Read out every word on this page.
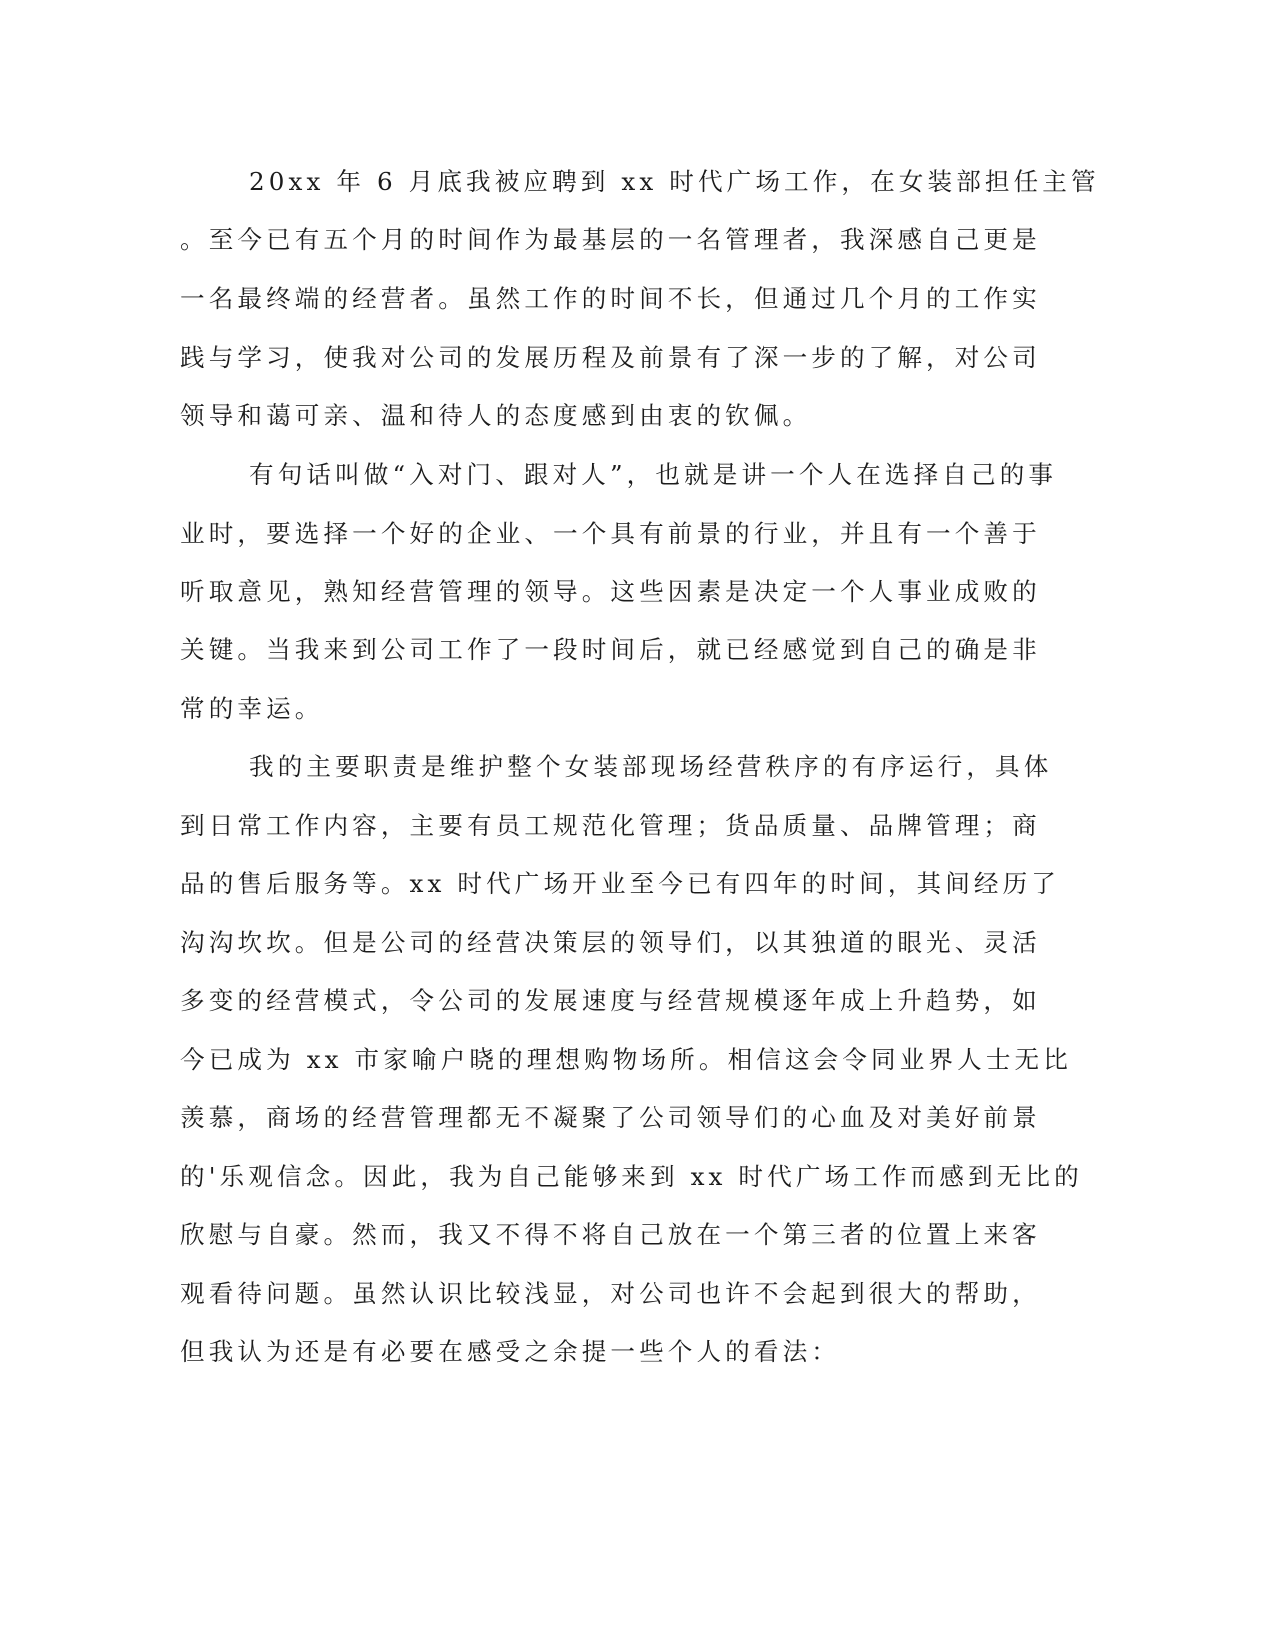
20xx 年 6 月底我被应聘到 xx 时代广场工作，在女装部担任主管

。至今已有五个月的时间作为最基层的一名管理者，我深感自己更是

一名最终端的经营者。虽然工作的时间不长，但通过几个月的工作实

践与学习，使我对公司的发展历程及前景有了深一步的了解，对公司

领导和蔼可亲、温和待人的态度感到由衷的钦佩。

有句话叫做“入对门、跟对人”，也就是讲一个人在选择自己的事

业时，要选择一个好的企业、一个具有前景的行业，并且有一个善于

听取意见，熟知经营管理的领导。这些因素是决定一个人事业成败的

关键。当我来到公司工作了一段时间后，就已经感觉到自己的确是非

常的幸运。

我的主要职责是维护整个女装部现场经营秩序的有序运行，具体

到日常工作内容，主要有员工规范化管理；货品质量、品牌管理；商

品的售后服务等。xx 时代广场开业至今已有四年的时间，其间经历了

沟沟坎坎。但是公司的经营决策层的领导们，以其独道的眼光、灵活

多变的经营模式，令公司的发展速度与经营规模逐年成上升趋势，如

今已成为 xx 市家喻户晓的理想购物场所。相信这会令同业界人士无比

羡慕，商场的经营管理都无不凝聚了公司领导们的心血及对美好前景

的'乐观信念。因此，我为自己能够来到 xx 时代广场工作而感到无比的

欣慰与自豪。然而，我又不得不将自己放在一个第三者的位置上来客

观看待问题。虽然认识比较浅显，对公司也许不会起到很大的帮助，

但我认为还是有必要在感受之余提一些个人的看法：
